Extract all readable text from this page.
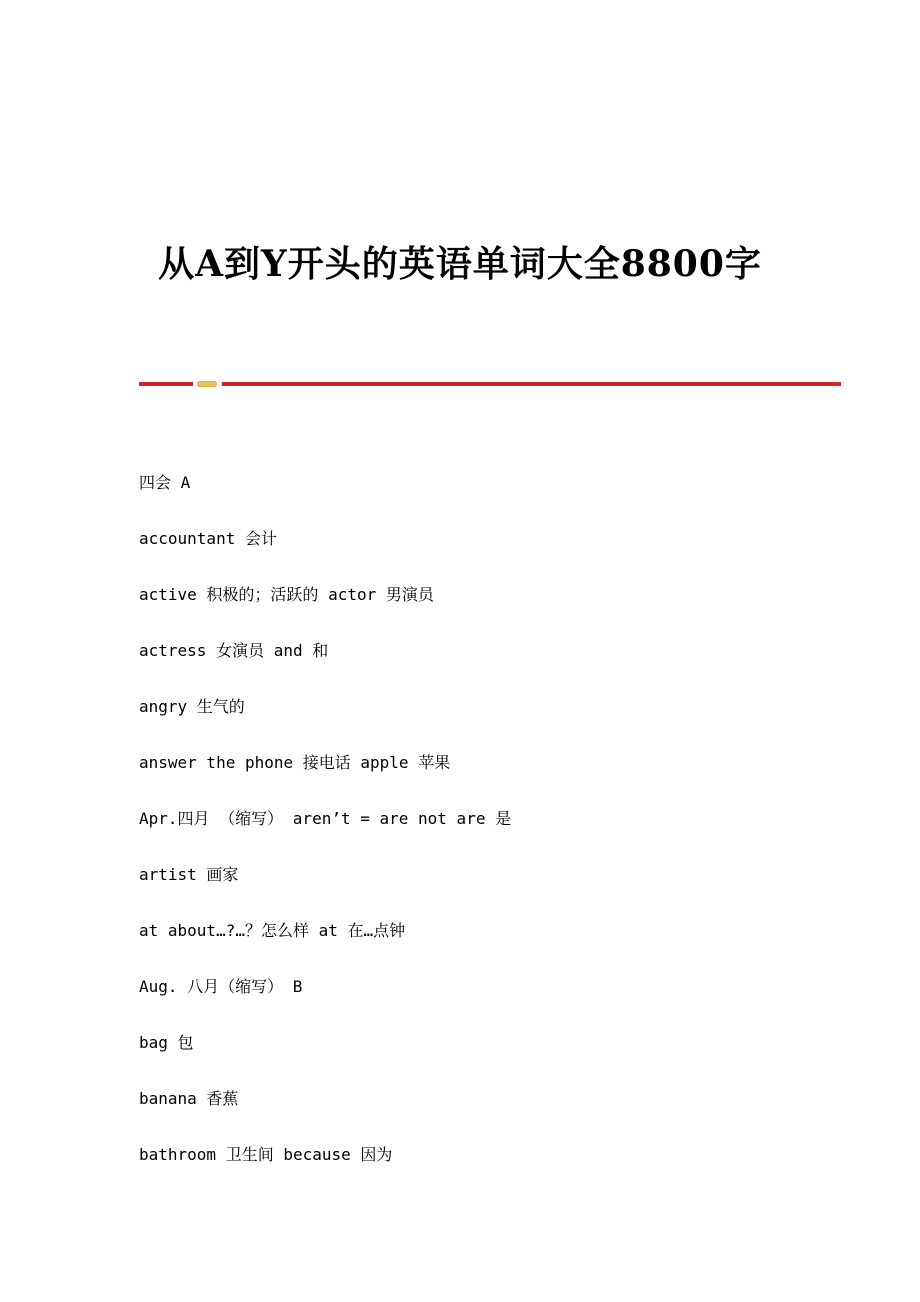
从A到Y开头的英语单词大全8800字
四会 A
accountant 会计
active 积极的；活跃的 actor 男演员
actress 女演员 and 和
angry 生气的
answer the phone 接电话 apple 苹果
Apr.四月 （缩写） aren’t = are not are 是
artist 画家
at about…?…？怎么样 at 在…点钟
Aug. 八月（缩写） B
bag 包
banana 香蕉
bathroom 卫生间 because 因为
